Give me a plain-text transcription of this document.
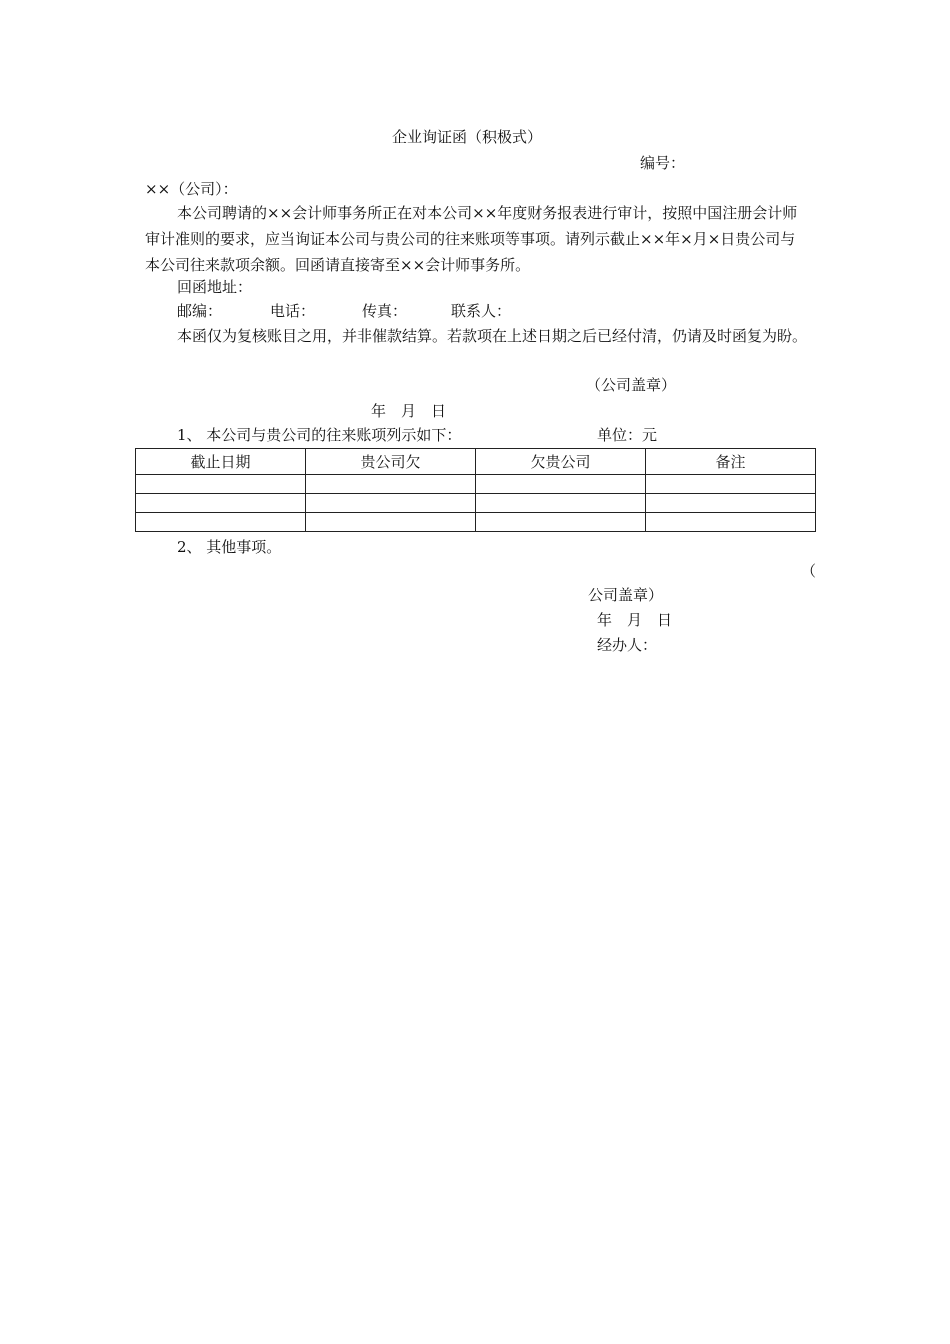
企业询证函（积极式）
编号：
××（公司）：
本公司聘请的××会计师事务所正在对本公司××年度财务报表进行审计，按照中国注册会计师审计准则的要求，应当询证本公司与贵公司的往来账项等事项。请列示截止××年×月×日贵公司与本公司往来款项余额。回函请直接寄至××会计师事务所。
回函地址：
邮编：	电话：	传真：	联系人：
本函仅为复核账目之用，并非催款结算。若款项在上述日期之后已经付清，仍请及时函复为盼。
（公司盖章）
年　月　日
1、 本公司与贵公司的往来账项列示如下：	单位：元
截止日期	贵公司欠	欠贵公司	备注

2、 其他事项。
（
公司盖章）
年　月　日
经办人：
